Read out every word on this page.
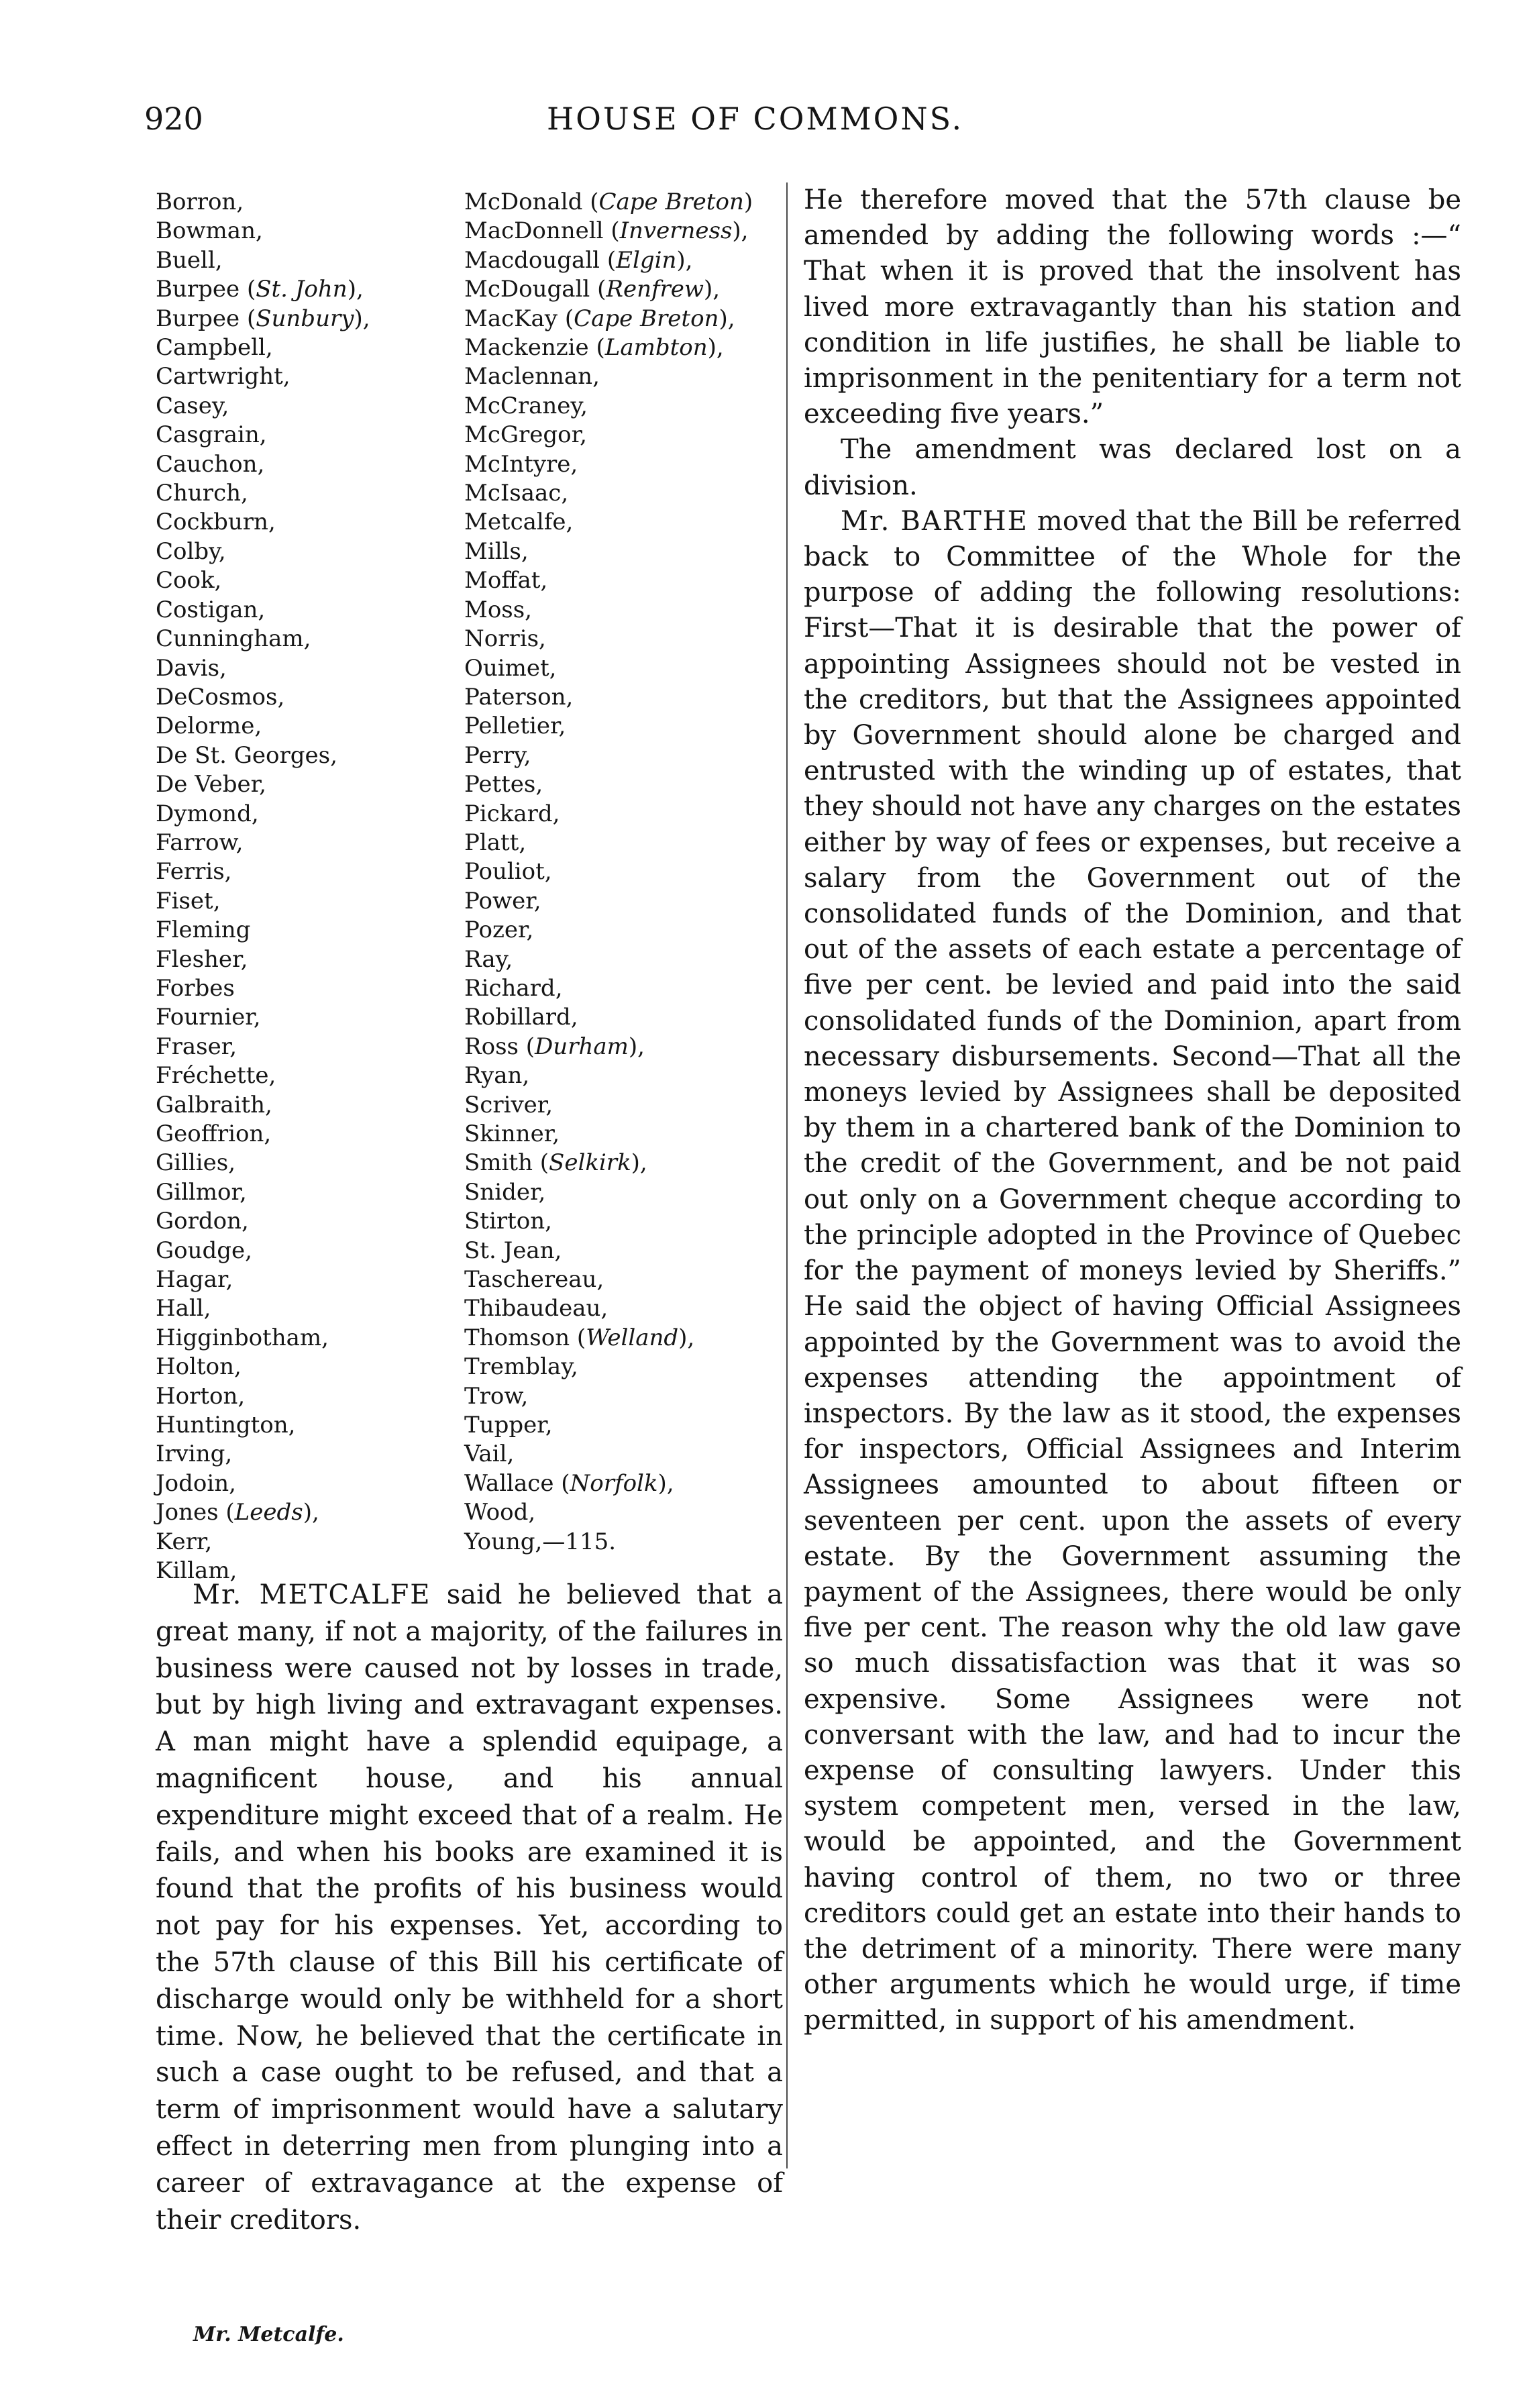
920	HOUSE OF COMMONS.
Borron,
Bowman,
Buell,
Burpee (St. John),
Burpee (Sunbury),
Campbell,
Cartwright,
Casey,
Casgrain,
Cauchon,
Church,
Cockburn,
Colby,
Cook,
Costigan,
Cunningham,
Davis,
DeCosmos,
Delorme,
De St. Georges,
De Veber,
Dymond,
Farrow,
Ferris,
Fiset,
Fleming
Flesher,
Forbes
Fournier,
Fraser,
Fréchette,
Galbraith,
Geoffrion,
Gillies,
Gillmor,
Gordon,
Goudge,
Hagar,
Hall,
Higginbotham,
Holton,
Horton,
Huntington,
Irving,
Jodoin,
Jones (Leeds),
Kerr,
Killam,
McDonald (Cape Breton)
MacDonnell (Inverness),
Macdougall (Elgin),
McDougall (Renfrew),
MacKay (Cape Breton),
Mackenzie (Lambton),
Maclennan,
McCraney,
McGregor,
McIntyre,
McIsaac,
Metcalfe,
Mills,
Moffat,
Moss,
Norris,
Ouimet,
Paterson,
Pelletier,
Perry,
Pettes,
Pickard,
Platt,
Pouliot,
Power,
Pozer,
Ray,
Richard,
Robillard,
Ross (Durham),
Ryan,
Scriver,
Skinner,
Smith (Selkirk),
Snider,
Stirton,
St. Jean,
Taschereau,
Thibaudeau,
Thomson (Welland),
Tremblay,
Trow,
Tupper,
Vail,
Wallace (Norfolk),
Wood,
Young,—115.

Mr. METCALFE said he believed that a great many, if not a majority, of the failures in business were caused not by losses in trade, but by high living and extravagant expenses. A man might have a splendid equipage, a magnificent house, and his annual expenditure might exceed that of a realm. He fails, and when his books are examined it is found that the profits of his business would not pay for his expenses. Yet, according to the 57th clause of this Bill his certificate of discharge would only be withheld for a short time. Now, he believed that the certificate in such a case ought to be refused, and that a term of imprisonment would have a salutary effect in deterring men from plunging into a career of extravagance at the expense of their creditors.

He therefore moved that the 57th clause be amended by adding the following words :—“ That when it is proved that the insolvent has lived more extravagantly than his station and condition in life justifies, he shall be liable to imprisonment in the penitentiary for a term not exceeding five years.”

The amendment was declared lost on a division.

Mr. BARTHE moved that the Bill be referred back to Committee of the Whole for the purpose of adding the following resolutions: First—That it is desirable that the power of appointing Assignees should not be vested in the creditors, but that the Assignees appointed by Government should alone be charged and entrusted with the winding up of estates, that they should not have any charges on the estates either by way of fees or expenses, but receive a salary from the Government out of the consolidated funds of the Dominion, and that out of the assets of each estate a percentage of five per cent. be levied and paid into the said consolidated funds of the Dominion, apart from necessary disbursements. Second—That all the moneys levied by Assignees shall be deposited by them in a chartered bank of the Dominion to the credit of the Government, and be not paid out only on a Government cheque according to the principle adopted in the Province of Quebec for the payment of moneys levied by Sheriffs.” He said the object of having Official Assignees appointed by the Government was to avoid the expenses attending the appointment of inspectors. By the law as it stood, the expenses for inspectors, Official Assignees and Interim Assignees amounted to about fifteen or seventeen per cent. upon the assets of every estate. By the Government assuming the payment of the Assignees, there would be only five per cent. The reason why the old law gave so much dissatisfaction was that it was so expensive. Some Assignees were not conversant with the law, and had to incur the expense of consulting lawyers. Under this system competent men, versed in the law, would be appointed, and the Government having control of them, no two or three creditors could get an estate into their hands to the detriment of a minority. There were many other arguments which he would urge, if time permitted, in support of his amendment.

Mr. Metcalfe.
